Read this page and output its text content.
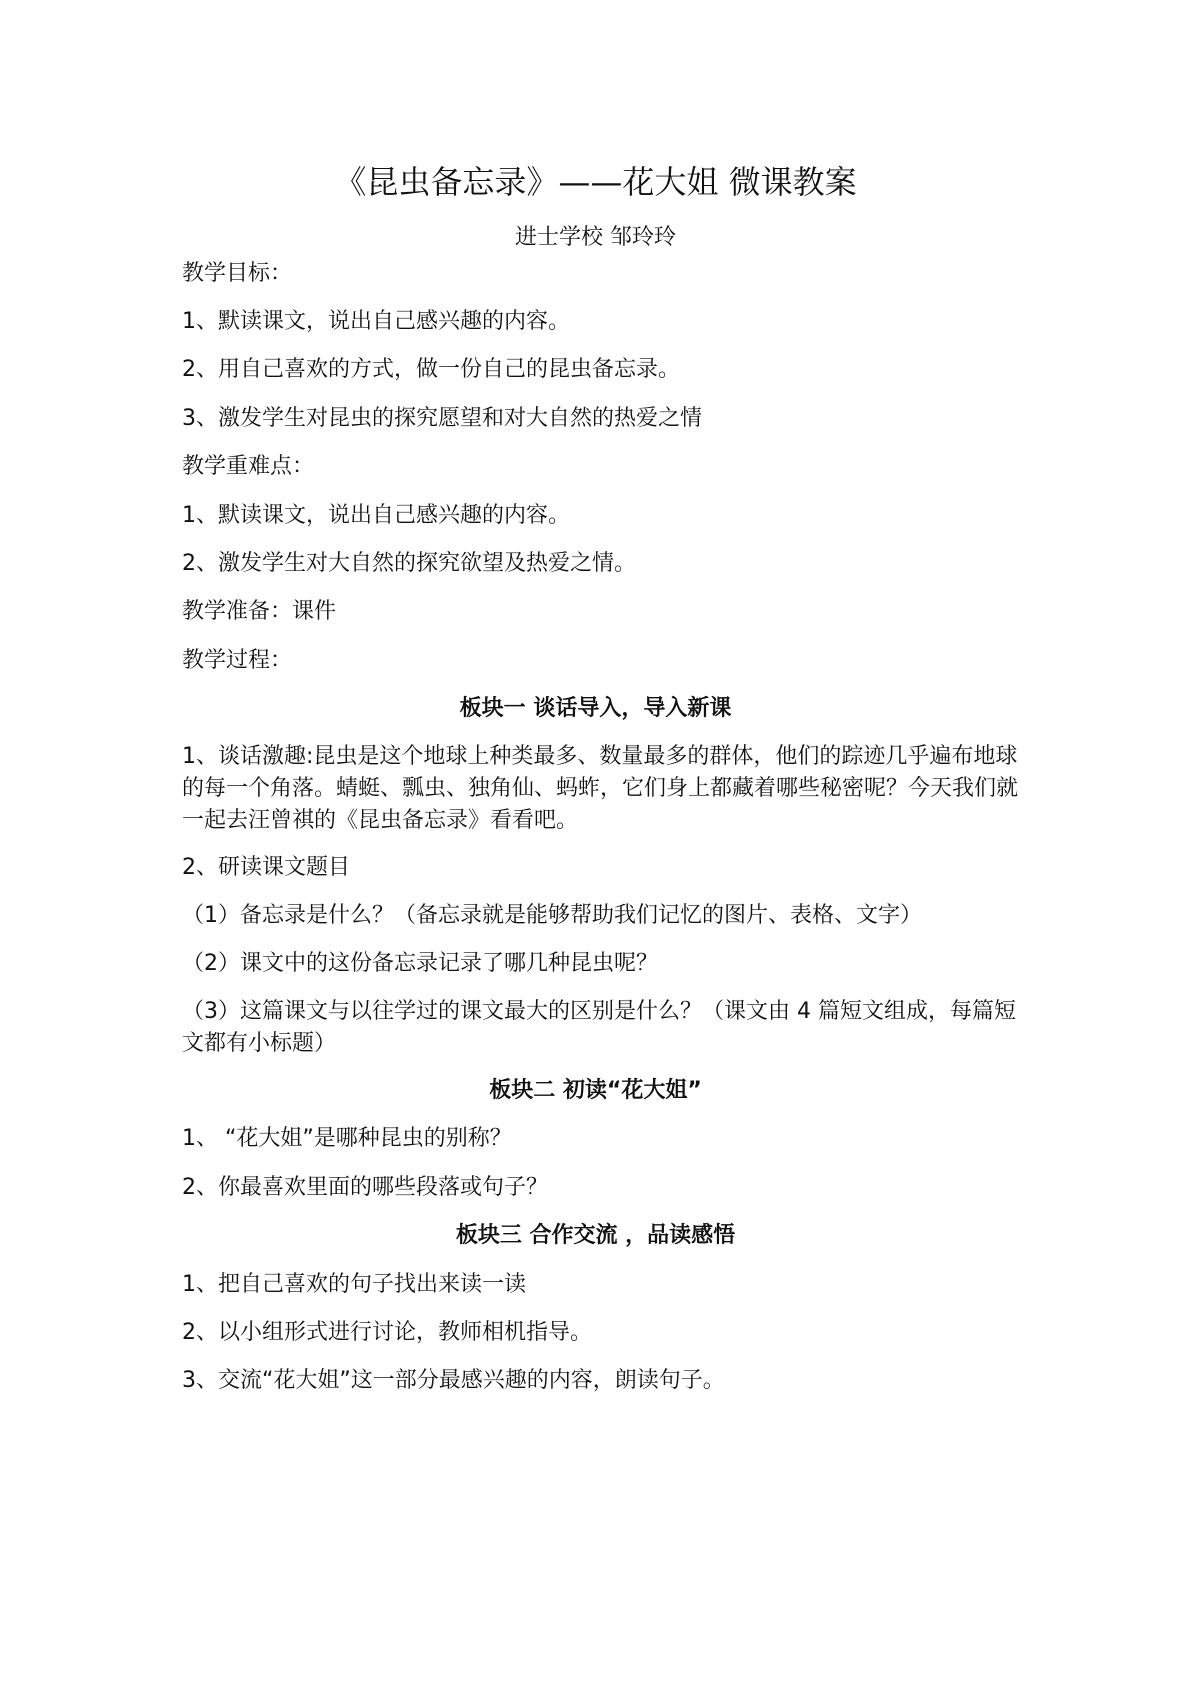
《昆虫备忘录》——花大姐 微课教案
进士学校 邹玲玲
教学目标：
1、默读课文，说出自己感兴趣的内容。
2、用自己喜欢的方式，做一份自己的昆虫备忘录。
3、激发学生对昆虫的探究愿望和对大自然的热爱之情
教学重难点：
1、默读课文，说出自己感兴趣的内容。
2、激发学生对大自然的探究欲望及热爱之情。
教学准备：课件
教学过程：
板块一 谈话导入，导入新课
1、谈话激趣:昆虫是这个地球上种类最多、数量最多的群体，他们的踪迹几乎遍布地球的每一个角落。蜻蜓、瓢虫、独角仙、蚂蚱，它们身上都藏着哪些秘密呢？今天我们就一起去汪曾祺的《昆虫备忘录》看看吧。
2、研读课文题目
（1）备忘录是什么？（备忘录就是能够帮助我们记忆的图片、表格、文字）
（2）课文中的这份备忘录记录了哪几种昆虫呢？
（3）这篇课文与以往学过的课文最大的区别是什么？（课文由 4 篇短文组成，每篇短文都有小标题）
板块二 初读“花大姐”
1、 “花大姐”是哪种昆虫的别称？
2、你最喜欢里面的哪些段落或句子？
板块三 合作交流 ，品读感悟
1、把自己喜欢的句子找出来读一读
2、以小组形式进行讨论，教师相机指导。
3、交流“花大姐”这一部分最感兴趣的内容，朗读句子。
